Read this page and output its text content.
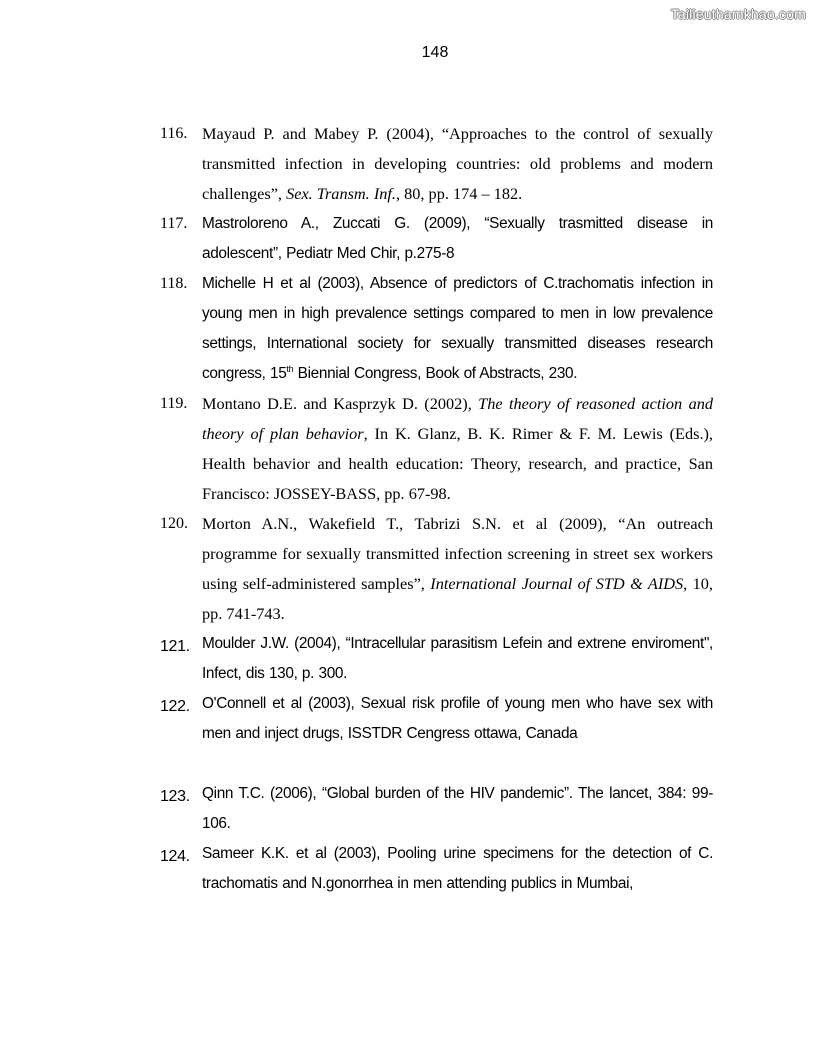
Tailieuthamkhao.com
148
116. Mayaud P. and Mabey P. (2004), “Approaches to the control of sexually transmitted infection in developing countries: old problems and modern challenges”, Sex. Transm. Inf., 80, pp. 174 – 182.
117. Mastroloreno A., Zuccati G. (2009), “Sexually trasmitted disease in adolescent”, Pediatr Med Chir, p.275-8
118. Michelle H et al (2003), Absence of predictors of C.trachomatis infection in young men in high prevalence settings compared to men in low prevalence settings, International society for sexually transmitted diseases research congress, 15th Biennial Congress, Book of Abstracts, 230.
119. Montano D.E. and Kasprzyk D. (2002), The theory of reasoned action and theory of plan behavior, In K. Glanz, B. K. Rimer & F. M. Lewis (Eds.), Health behavior and health education: Theory, research, and practice, San Francisco: JOSSEY-BASS, pp. 67-98.
120. Morton A.N., Wakefield T., Tabrizi S.N. et al (2009), “An outreach programme for sexually transmitted infection screening in street sex workers using self-administered samples”, International Journal of STD & AIDS, 10, pp. 741-743.
121. Moulder J.W. (2004), “Intracellular parasitism Lefein and extrene enviroment", Infect, dis 130, p. 300.
122. O'Connell et al (2003), Sexual risk profile of young men who have sex with men and inject drugs, ISSTDR Cengress ottawa, Canada
123. Qinn T.C. (2006), “Global burden of the HIV pandemic”. The lancet, 384: 99-106.
124. Sameer K.K. et al (2003), Pooling urine specimens for the detection of C. trachomatis and N.gonorrhea in men attending publics in Mumbai,
